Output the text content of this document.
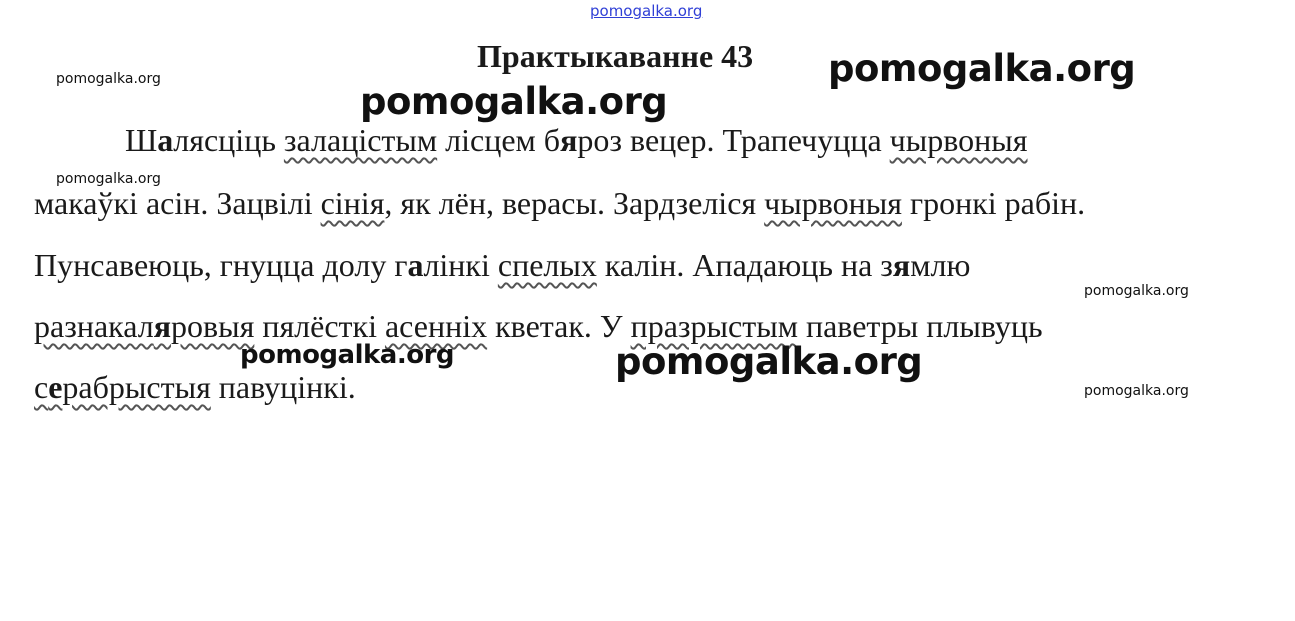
pomogalka.org
Практыкаванне 43
pomogalka.org
pomogalka.org
pomogalka.org
pomogalka.org
Шалясціць залацістым лісцем бяроз вецер. Трапечуцца чырвоныя
макаўкі асін. Зацвілі сінія, як лён, верасы. Зардзеліся чырвоныя гронкі рабін.
Пунсавеюць, гнуцца долу галінкі спелых калін. Ападаюць на зямлю
разнакаляровыя пялёсткі асенніх кветак. У празрыстым паветры плывуць
серабрыстыя павуцінкі.
pomogalka.org
pomogalka.org
pomogalka.org	pomogalka.org
